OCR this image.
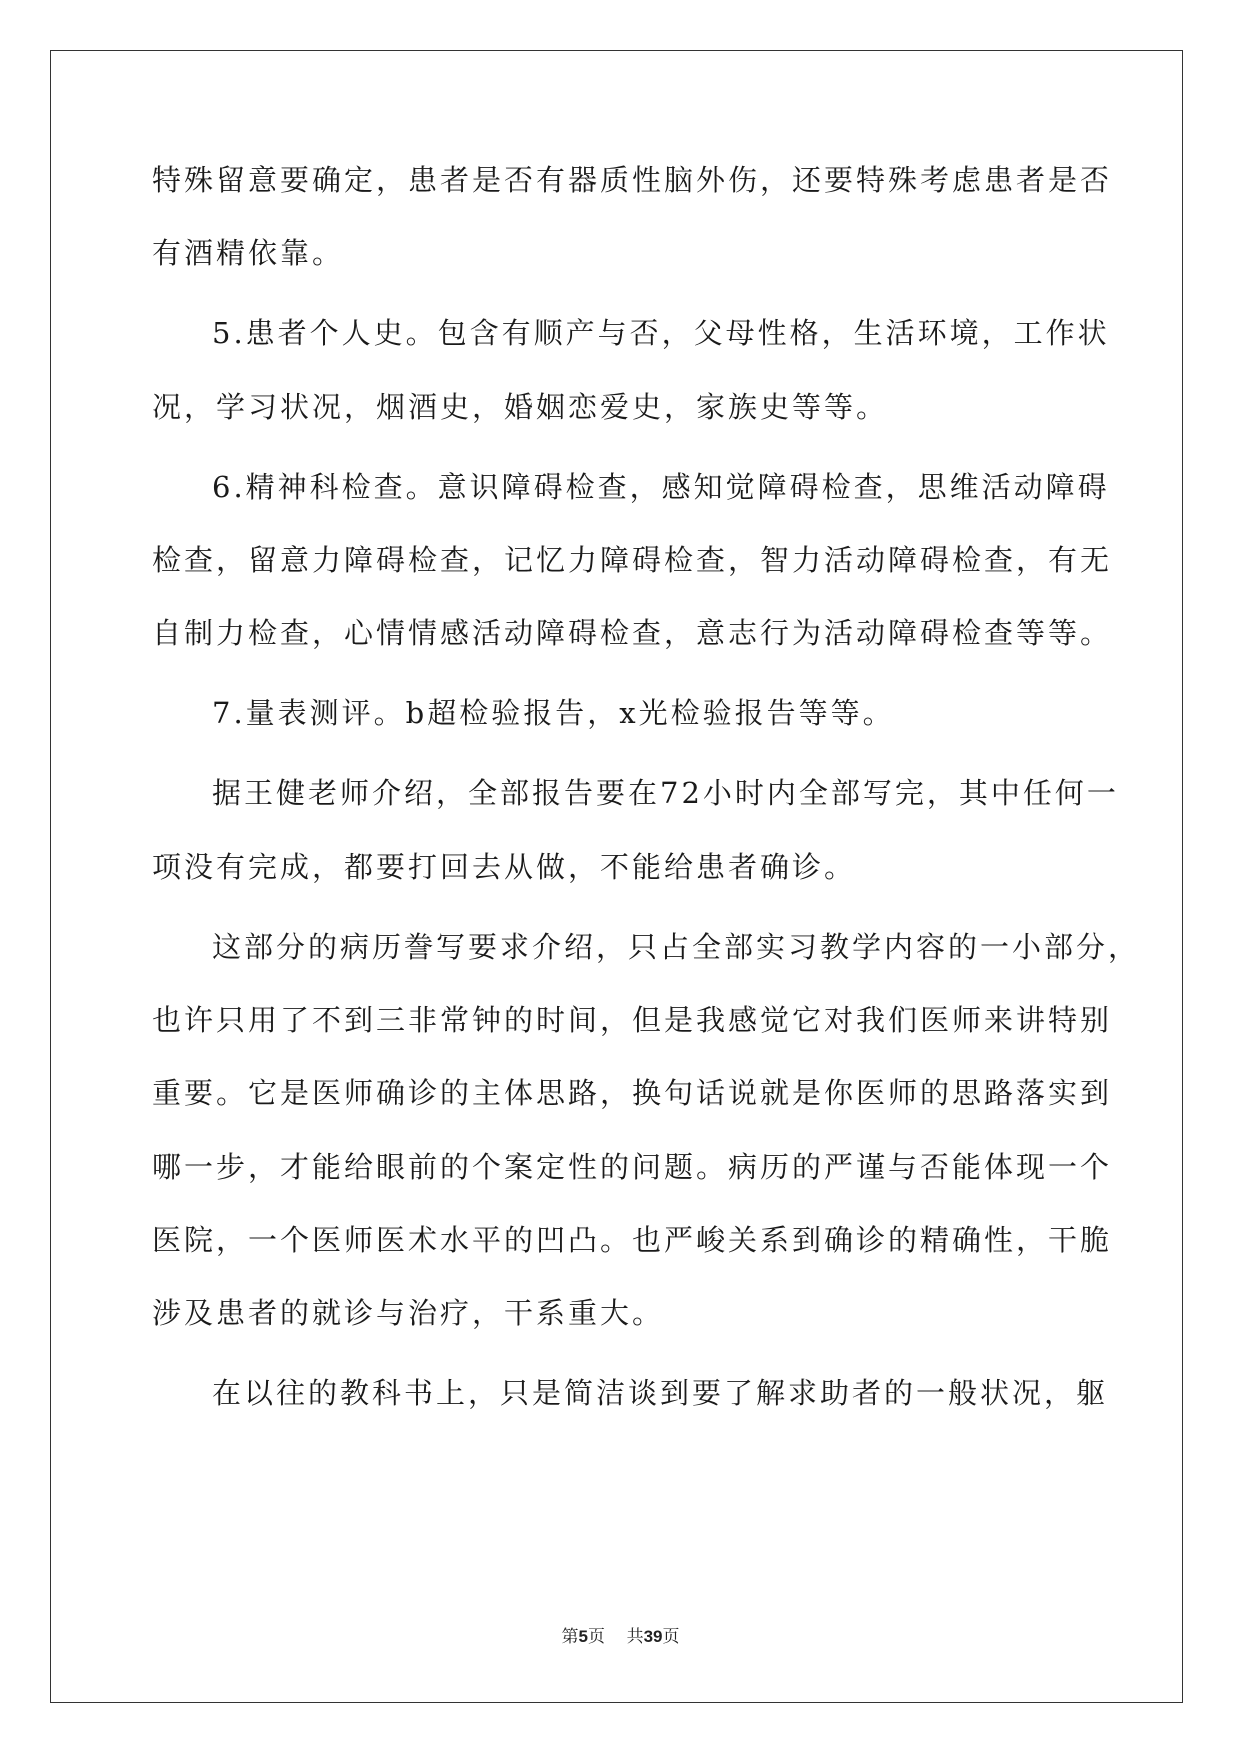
特殊留意要确定，患者是否有器质性脑外伤，还要特殊考虑患者是否
有酒精依靠。
5.患者个人史。包含有顺产与否，父母性格，生活环境，工作状
况，学习状况，烟酒史，婚姻恋爱史，家族史等等。
6.精神科检查。意识障碍检查，感知觉障碍检查，思维活动障碍
检查，留意力障碍检查，记忆力障碍检查，智力活动障碍检查，有无
自制力检查，心情情感活动障碍检查，意志行为活动障碍检查等等。
7.量表测评。b超检验报告，x光检验报告等等。
据王健老师介绍，全部报告要在72小时内全部写完，其中任何一
项没有完成，都要打回去从做，不能给患者确诊。
这部分的病历誊写要求介绍，只占全部实习教学内容的一小部分，
也许只用了不到三非常钟的时间，但是我感觉它对我们医师来讲特别
重要。它是医师确诊的主体思路，换句话说就是你医师的思路落实到
哪一步，才能给眼前的个案定性的问题。病历的严谨与否能体现一个
医院，一个医师医术水平的凹凸。也严峻关系到确诊的精确性，干脆
涉及患者的就诊与治疗，干系重大。
在以往的教科书上，只是简洁谈到要了解求助者的一般状况，躯
第5页 共39页
